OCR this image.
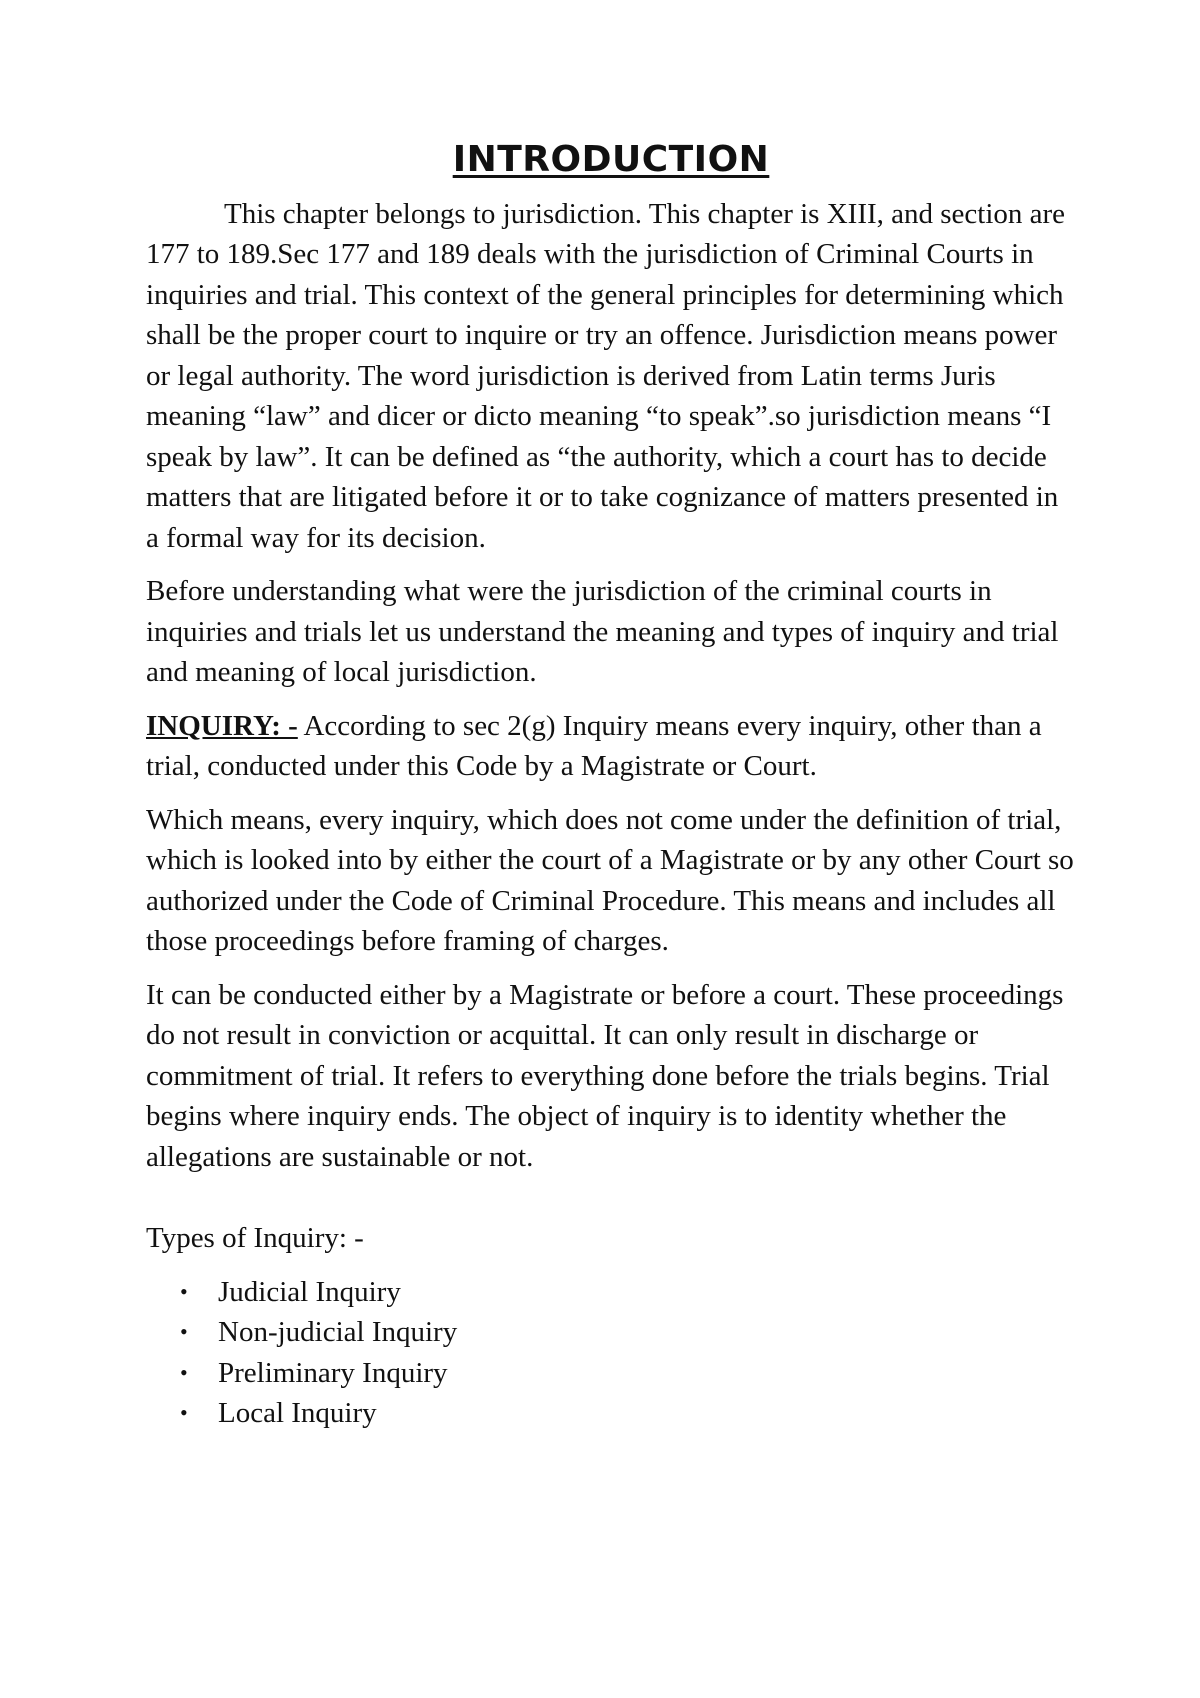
INTRODUCTION

This chapter belongs to jurisdiction. This chapter is XIII, and section are 177 to 189.Sec 177 and 189 deals with the jurisdiction of Criminal Courts in inquiries and trial. This context of the general principles for determining which shall be the proper court to inquire or try an offence. Jurisdiction means power or legal authority. The word jurisdiction is derived from Latin terms Juris meaning “law” and dicer or dicto meaning “to speak”.so jurisdiction means “I speak by law”. It can be defined as “the authority, which a court has to decide matters that are litigated before it or to take cognizance of matters presented in a formal way for its decision.

Before understanding what were the jurisdiction of the criminal courts in inquiries and trials let us understand the meaning and types of inquiry and trial and meaning of local jurisdiction.

INQUIRY: - According to sec 2(g) Inquiry means every inquiry, other than a trial, conducted under this Code by a Magistrate or Court.

Which means, every inquiry, which does not come under the definition of trial, which is looked into by either the court of a Magistrate or by any other Court so authorized under the Code of Criminal Procedure. This means and includes all those proceedings before framing of charges.

It can be conducted either by a Magistrate or before a court. These proceedings do not result in conviction or acquittal. It can only result in discharge or commitment of trial. It refers to everything done before the trials begins. Trial begins where inquiry ends. The object of inquiry is to identity whether the allegations are sustainable or not.

Types of Inquiry: -

• Judicial Inquiry
• Non-judicial Inquiry
• Preliminary Inquiry
• Local Inquiry
